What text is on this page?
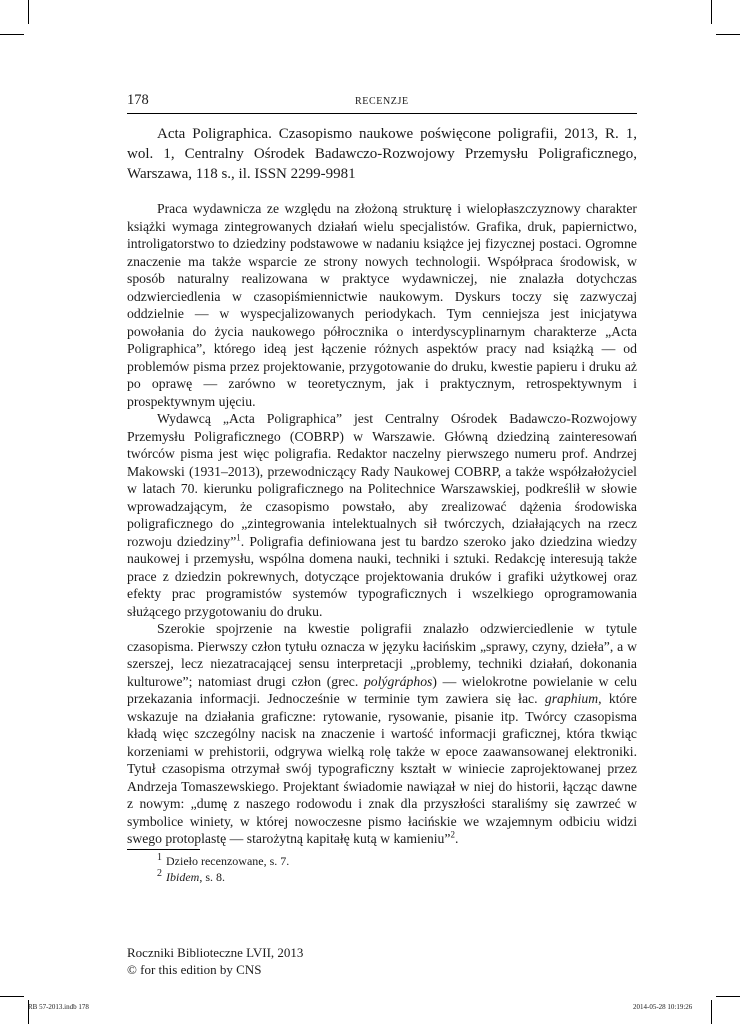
178	RECENZJE

Acta Poligraphica. Czasopismo naukowe poświęcone poligrafii, 2013, R. 1, wol. 1, Centralny Ośrodek Badawczo-Rozwojowy Przemysłu Poligraficznego, Warszawa, 118 s., il. ISSN 2299-9981

Praca wydawnicza ze względu na złożoną strukturę i wielopłaszczyznowy charakter książki wymaga zintegrowanych działań wielu specjalistów. Grafika, druk, papiernictwo, introligatorstwo to dziedziny podstawowe w nadaniu książce jej fizycznej postaci. Ogromne znaczenie ma także wsparcie ze strony nowych technologii. Współpraca środowisk, w sposób naturalny realizowana w praktyce wydawniczej, nie znalazła dotychczas odzwierciedlenia w czasopiśmiennictwie naukowym. Dyskurs toczy się zazwyczaj oddzielnie — w wyspecjalizowanych periodykach. Tym cenniejsza jest inicjatywa powołania do życia naukowego półrocznika o interdyscyplinarnym charakterze „Acta Poligraphica”, którego ideą jest łączenie różnych aspektów pracy nad książką — od problemów pisma przez projektowanie, przygotowanie do druku, kwestie papieru i druku aż po oprawę — zarówno w teoretycznym, jak i praktycznym, retrospektywnym i prospektywnym ujęciu.

Wydawcą „Acta Poligraphica” jest Centralny Ośrodek Badawczo-Rozwojowy Przemysłu Poligraficznego (COBRP) w Warszawie. Główną dziedziną zainteresowań twórców pisma jest więc poligrafia. Redaktor naczelny pierwszego numeru prof. Andrzej Makowski (1931–2013), przewodniczący Rady Naukowej COBRP, a także współzałożyciel w latach 70. kierunku poligraficznego na Politechnice Warszawskiej, podkreślił w słowie wprowadzającym, że czasopismo powstało, aby zrealizować dążenia środowiska poligraficznego do „zintegrowania intelektualnych sił twórczych, działających na rzecz rozwoju dziedziny”$^1$. Poligrafia definiowana jest tu bardzo szeroko jako dziedzina wiedzy naukowej i przemysłu, wspólna domena nauki, techniki i sztuki. Redakcję interesują także prace z dziedzin pokrewnych, dotyczące projektowania druków i grafiki użytkowej oraz efekty prac programistów systemów typograficznych i wszelkiego oprogramowania służącego przygotowaniu do druku.

Szerokie spojrzenie na kwestie poligrafii znalazło odzwierciedlenie w tytule czasopisma. Pierwszy człon tytułu oznacza w języku łacińskim „sprawy, czyny, dzieła”, a w szerszej, lecz niezatracającej sensu interpretacji „problemy, techniki działań, dokonania kulturowe”; natomiast drugi człon (grec. polýgráphos) — wielokrotne powielanie w celu przekazania informacji. Jednocześnie w terminie tym zawiera się łac. graphium, które wskazuje na działania graficzne: rytowanie, rysowanie, pisanie itp. Twórcy czasopisma kładą więc szczególny nacisk na znaczenie i wartość informacji graficznej, która tkwiąc korzeniami w prehistorii, odgrywa wielką rolę także w epoce zaawansowanej elektroniki. Tytuł czasopisma otrzymał swój typograficzny kształt w winiecie zaprojektowanej przez Andrzeja Tomaszewskiego. Projektant świadomie nawiązał w niej do historii, łącząc dawne z nowym: „dumę z naszego rodowodu i znak dla przyszłości staraliśmy się zawrzeć w symbolice winiety, w której nowoczesne pismo łacińskie we wzajemnym odbiciu widzi swego protoplastę — starożytną kapitałę kutą w kamieniu”$^2$.

$^1$ Dzieło recenzowane, s. 7.

$^2$ Ibidem, s. 8.

Roczniki Biblioteczne LVII, 2013
© for this edition by CNS
RB 57-2013.indb 178	2014-05-28 10:19:26
